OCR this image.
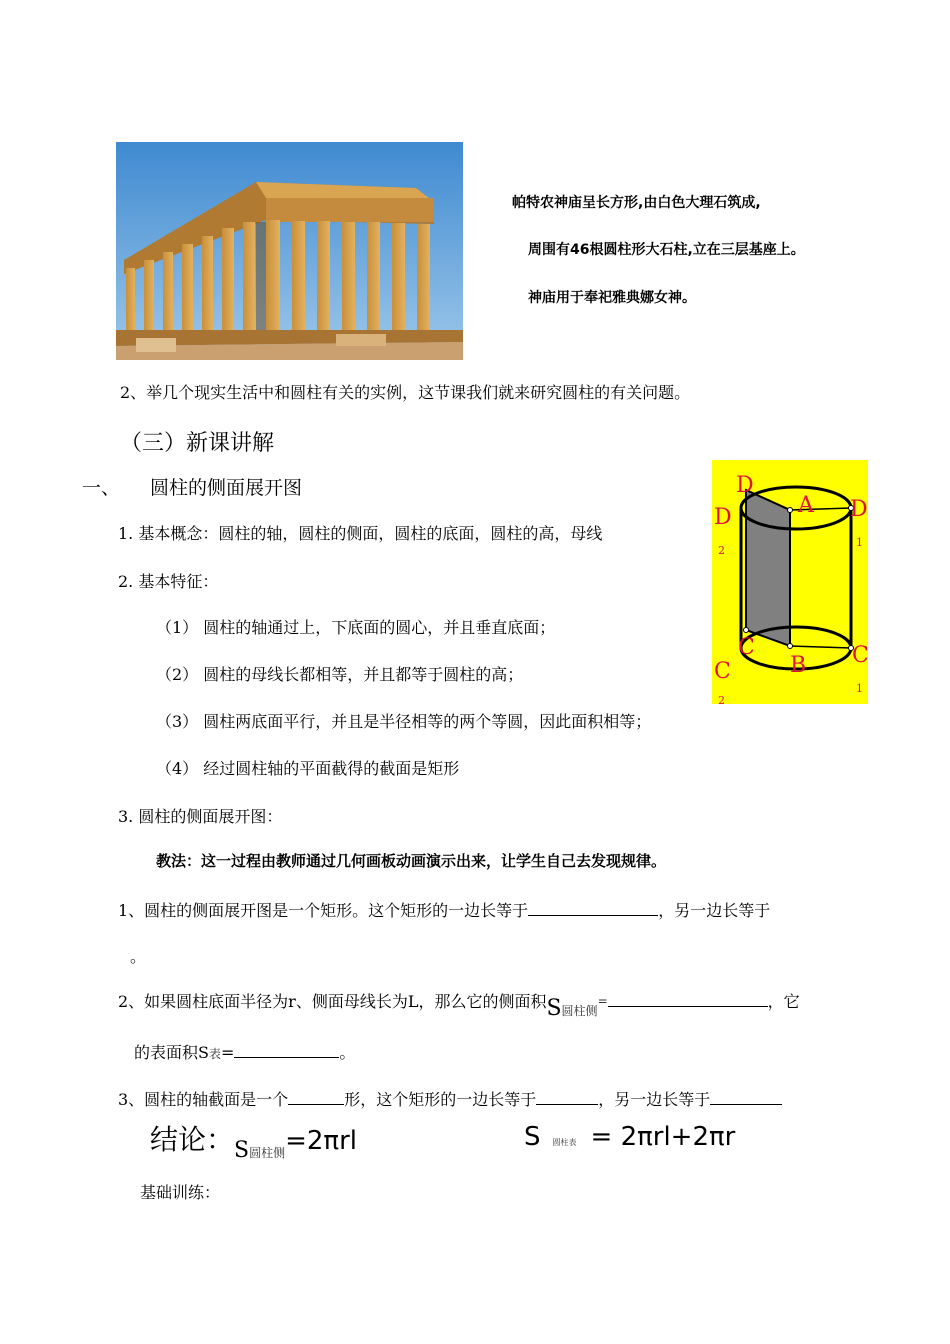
帕特农神庙呈长方形,由白色大理石筑成,
周围有46根圆柱形大石柱,立在三层基座上。
神庙用于奉祀雅典娜女神。
2、举几个现实生活中和圆柱有关的实例，这节课我们就来研究圆柱的有关问题。
（三）新课讲解
一、 圆柱的侧面展开图
1. 基本概念：圆柱的轴，圆柱的侧面，圆柱的底面，圆柱的高，母线
2. 基本特征：
（1） 圆柱的轴通过上，下底面的圆心，并且垂直底面；
（2） 圆柱的母线长都相等，并且都等于圆柱的高；
（3） 圆柱两底面平行，并且是半径相等的两个等圆，因此面积相等；
（4） 经过圆柱轴的平面截得的截面是矩形
3. 圆柱的侧面展开图：
教法：这一过程由教师通过几何画板动画演示出来，让学生自己去发现规律。
1、圆柱的侧面展开图是一个矩形。这个矩形的一边长等于	，另一边长等于
。
2、如果圆柱底面半径为r、侧面母线长为L，那么它的侧面积$S_{圆柱侧}=$	，它
的表面积S表=	。
3、圆柱的轴截面是一个	形，这个矩形的一边长等于	，另一边长等于
结论：$S_{圆柱侧}=2\pi rl$	S 圆柱表 = 2πrl+2πr
基础训练：
D
A D
1
D
2
C
B C
1
C
2
